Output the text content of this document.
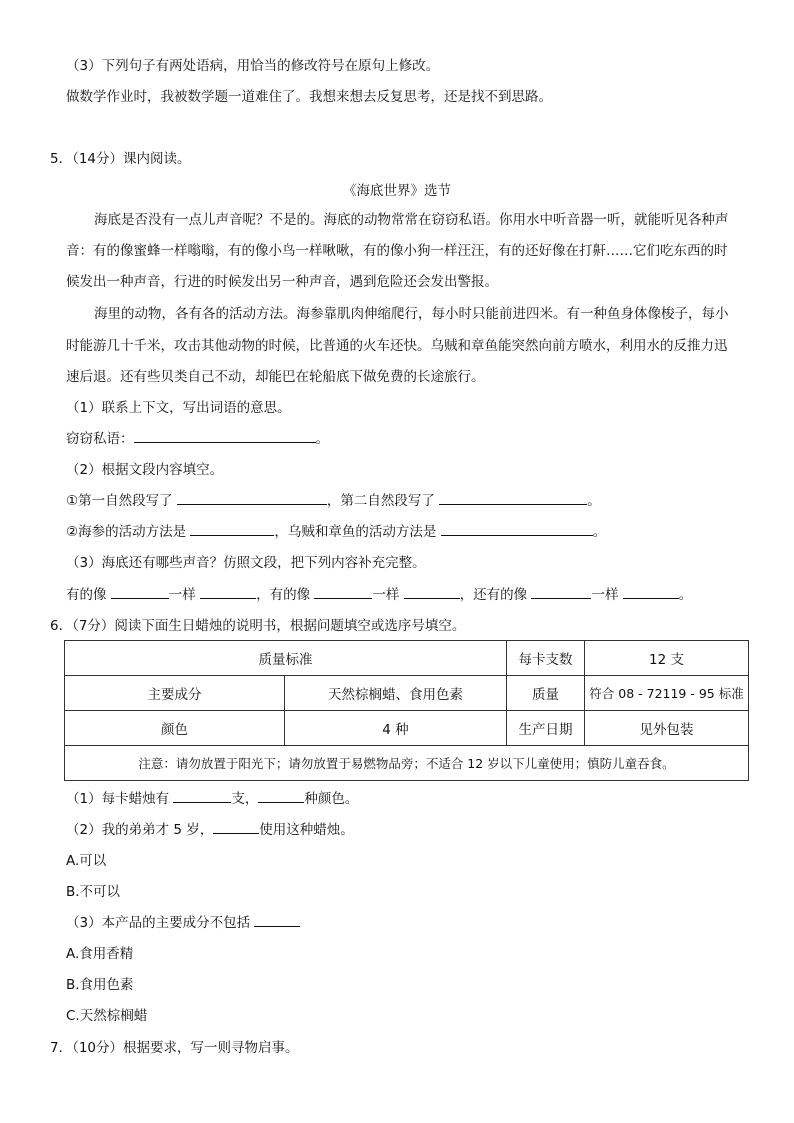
（3）下列句子有两处语病，用恰当的修改符号在原句上修改。
做数学作业时，我被数学题一道难住了。我想来想去反复思考，还是找不到思路。
5．（14分）课内阅读。
《海底世界》选节
海底是否没有一点儿声音呢？不是的。海底的动物常常在窃窃私语。你用水中听音器一听，就能听见各种声
音：有的像蜜蜂一样嗡嗡，有的像小鸟一样啾啾，有的像小狗一样汪汪，有的还好像在打鼾……它们吃东西的时
候发出一种声音，行进的时候发出另一种声音，遇到危险还会发出警报。
海里的动物，各有各的活动方法。海参靠肌肉伸缩爬行，每小时只能前进四米。有一种鱼身体像梭子，每小
时能游几十千米，攻击其他动物的时候，比普通的火车还快。乌贼和章鱼能突然向前方喷水，利用水的反推力迅
速后退。还有些贝类自己不动，却能巴在轮船底下做免费的长途旅行。
（1）联系上下文，写出词语的意思。
窃窃私语：	。
（2）根据文段内容填空。
①第一自然段写了	，第二自然段写了	。
②海参的活动方法是	，乌贼和章鱼的活动方法是	。
（3）海底还有哪些声音？仿照文段，把下列内容补充完整。
有的像	一样	，有的像	一样	，还有的像	一样	。
6．（7分）阅读下面生日蜡烛的说明书，根据问题填空或选序号填空。
质量标准		每卡支数	12 支
主要成分	天然棕榈蜡、食用色素	质量	符合 08 - 72119 - 95 标准
颜色	4 种	生产日期	见外包装
注意：请勿放置于阳光下；请勿放置于易燃物品旁；不适合 12 岁以下儿童使用；慎防儿童吞食。			
（1）每卡蜡烛有	支，	种颜色。
（2）我的弟弟才 5 岁，	使用这种蜡烛。
A.可以
B.不可以
（3）本产品的主要成分不包括
A.食用香精
B.食用色素
C.天然棕榈蜡
7．（10分）根据要求，写一则寻物启事。
